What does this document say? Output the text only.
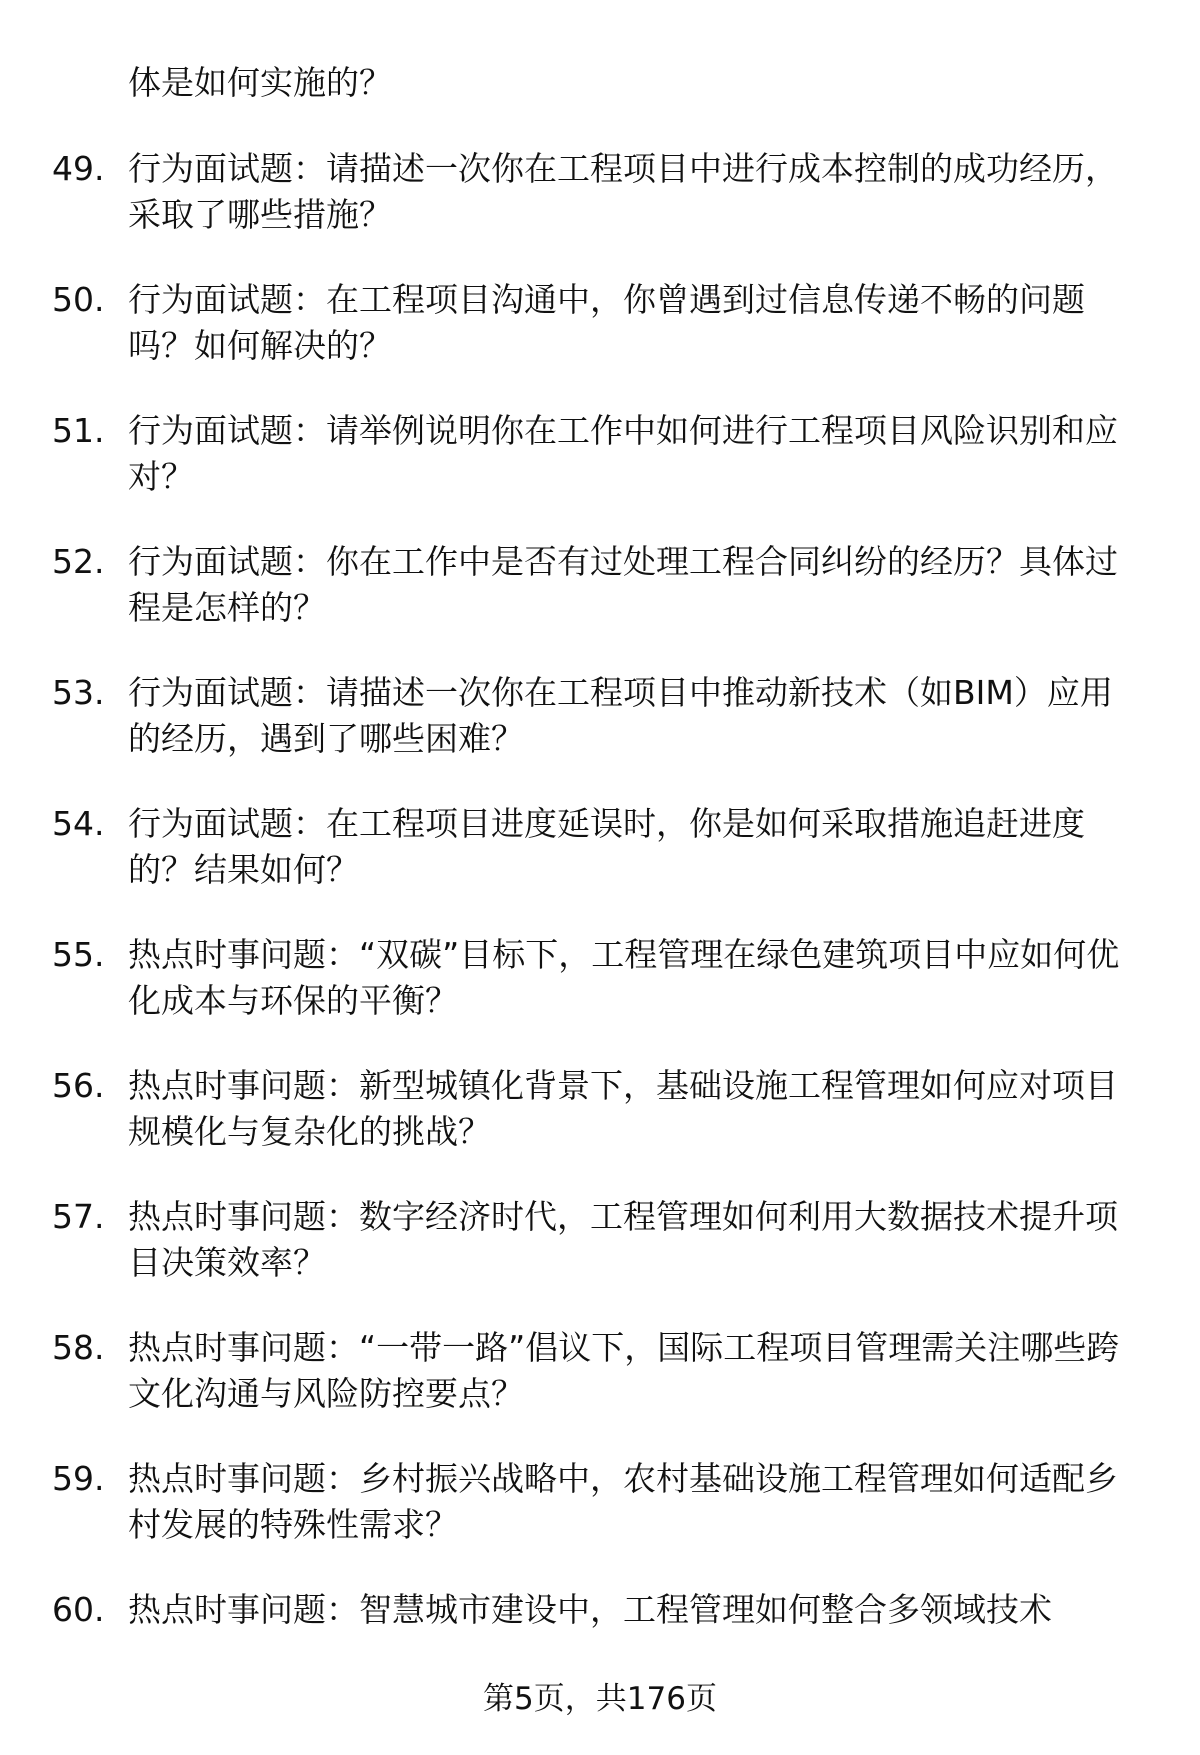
体是如何实施的？
49. 行为面试题：请描述一次你在工程项目中进行成本控制的成功经历，采取了哪些措施？
50. 行为面试题：在工程项目沟通中，你曾遇到过信息传递不畅的问题吗？如何解决的？
51. 行为面试题：请举例说明你在工作中如何进行工程项目风险识别和应对？
52. 行为面试题：你在工作中是否有过处理工程合同纠纷的经历？具体过程是怎样的？
53. 行为面试题：请描述一次你在工程项目中推动新技术（如BIM）应用的经历，遇到了哪些困难？
54. 行为面试题：在工程项目进度延误时，你是如何采取措施追赶进度的？结果如何？
55. 热点时事问题：“双碳”目标下，工程管理在绿色建筑项目中应如何优化成本与环保的平衡？
56. 热点时事问题：新型城镇化背景下，基础设施工程管理如何应对项目规模化与复杂化的挑战？
57. 热点时事问题：数字经济时代，工程管理如何利用大数据技术提升项目决策效率？
58. 热点时事问题：“一带一路”倡议下，国际工程项目管理需关注哪些跨文化沟通与风险防控要点？
59. 热点时事问题：乡村振兴战略中，农村基础设施工程管理如何适配乡村发展的特殊性需求？
60. 热点时事问题：智慧城市建设中，工程管理如何整合多领域技术
第5页，共176页
